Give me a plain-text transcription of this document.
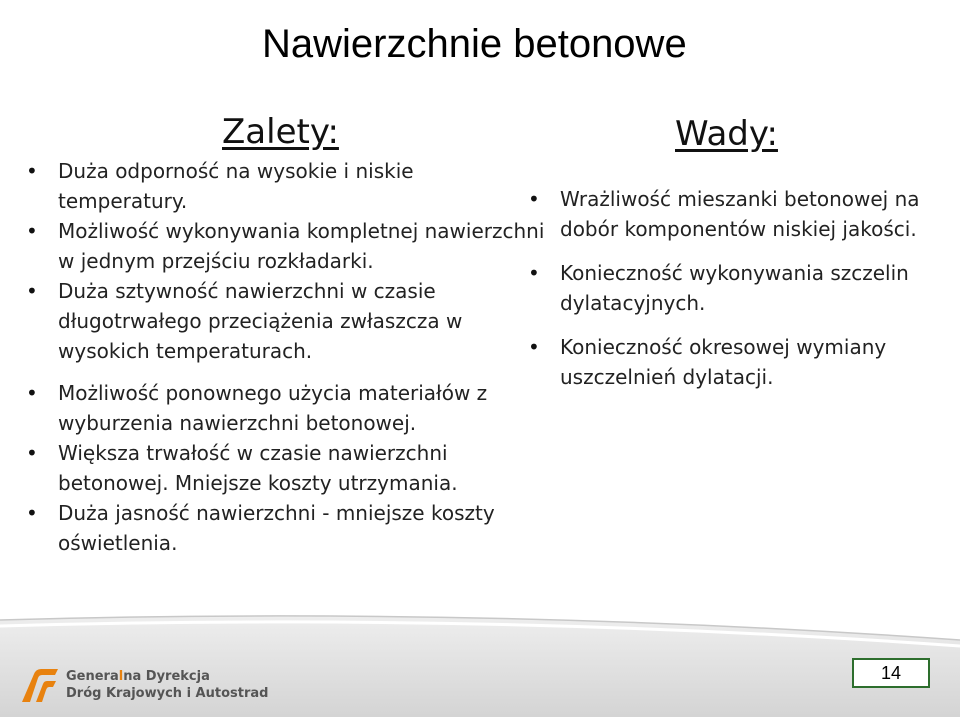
Nawierzchnie betonowe
Zalety:
• Duża odporność na wysokie i niskie temperatury.
• Możliwość wykonywania kompletnej nawierzchni w jednym przejściu rozkładarki.
• Duża sztywność nawierzchni w czasie długotrwałego przeciążenia zwłaszcza w wysokich temperaturach.
• Możliwość ponownego użycia materiałów z wyburzenia nawierzchni betonowej.
• Większa trwałość w czasie nawierzchni betonowej. Mniejsze koszty utrzymania.
• Duża jasność nawierzchni - mniejsze koszty oświetlenia.
Wady:
• Wrażliwość mieszanki betonowej na dobór komponentów niskiej jakości.
• Konieczność wykonywania szczelin dylatacyjnych.
• Konieczność okresowej wymiany uszczelnień dylatacji.
Generalna Dyrekcja
Dróg Krajowych i Autostrad
14
